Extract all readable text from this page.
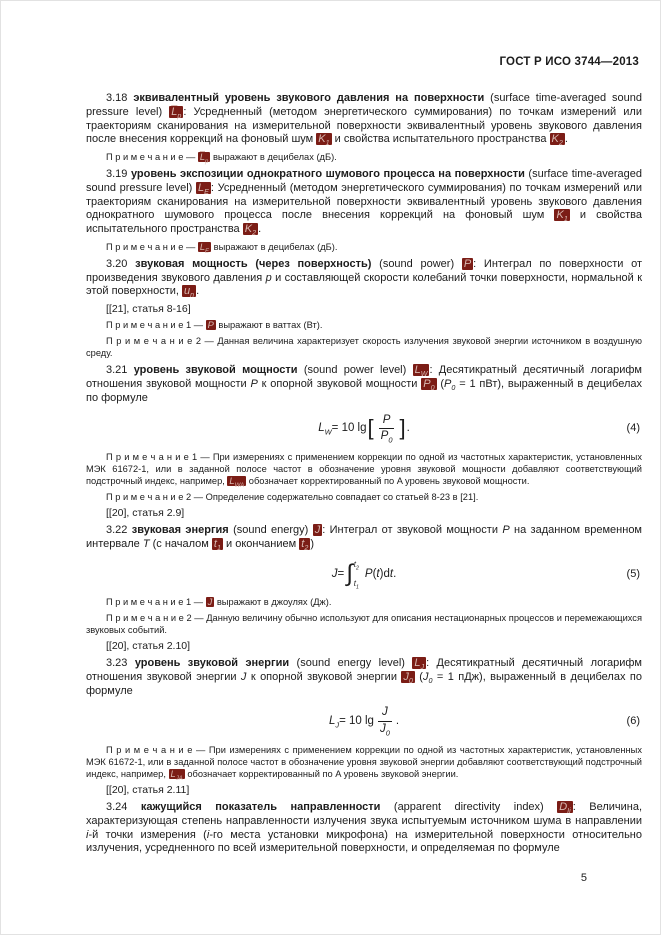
ГОСТ Р ИСО 3744—2013

3.18 эквивалентный уровень звукового давления на поверхности (surface time-averaged sound pressure level) $\overline{L}_p$ : Усредненный (методом энергетического суммирования) по точкам измерений или траекториям сканирования на измерительной поверхности эквивалентный уровень звукового давления после внесения коррекций на фоновый шум $K_1$ и свойства испытательного пространства $K_2$ .

П р и м е ч а н и е — $\overline{L}_p$ выражают в децибелах (дБ).

3.19 уровень экспозиции однократного шумового процесса на поверхности (surface time-averaged sound pressure level) $L_E$ : Усредненный (методом энергетического суммирования) по точкам измерений или траекториям сканирования на измерительной поверхности эквивалентный уровень звукового давления однократного шумового процесса после внесения коррекций на фоновый шум $K_1$ и свойства испытательного пространства $K_2$ .

П р и м е ч а н и е — $L_E$ выражают в децибелах (дБ).

3.20 звуковая мощность (через поверхность) (sound power) P : Интеграл по поверхности от произведения звукового давления p и составляющей скорости колебаний точки поверхности, нормальной к этой поверхности, $u_n$ .

[[21], статья 8-16]

П р и м е ч а н и е 1 — P выражают в ваттах (Вт).

П р и м е ч а н и е 2 — Данная величина характеризует скорость излучения звуковой энергии источником в воздушную среду.

3.21 уровень звуковой мощности (sound power level) $L_W$ : Десятикратный десятичный логарифм отношения звуковой мощности P к опорной звуковой мощности $P_0$ ($P_0 = 1$ пВт), выраженный в децибелах по формуле

$L_W = 10$ lg [ $\frac{P}{P_0}$ ] .	(4)

П р и м е ч а н и е 1 — При измерениях с применением коррекции по одной из частотных характеристик, установленных МЭК 61672-1, или в заданной полосе частот в обозначение уровня звуковой мощности добавляют соответствующий подстрочный индекс, например, $L_{WA}$ обозначает корректированный по A уровень звуковой мощности.

П р и м е ч а н и е 2 — Определение содержательно совпадает со статьей 8-23 в [21].

[[20], статья 2.9]

3.22 звуковая энергия (sound energy) J : Интеграл от звуковой мощности P на заданном временном интервале T (с началом $t_1$ и окончанием $t_2$ )

J = ∫ $t_2$
$t_1$
P ( t )d t .	(5)

П р и м е ч а н и е 1 — J выражают в джоулях (Дж).

П р и м е ч а н и е 2 — Данную величину обычно используют для описания нестационарных процессов и перемежающихся звуковых событий.

[[20], статья 2.10]

3.23 уровень звуковой энергии (sound energy level) $L_J$ : Десятикратный десятичный логарифм отношения звуковой энергии J к опорной звуковой энергии $J_0$ ($J_0 = 1$ пДж), выраженный в децибелах по формуле

$L_J = 10$ $\lg \frac{J}{J_0}$ .	(6)

П р и м е ч а н и е — При измерениях с применением коррекции по одной из частотных характеристик, установленных МЭК 61672-1, или в заданной полосе частот в обозначение уровня звуковой энергии добавляют соответствующий подстрочный индекс, например, $L_{JA}$ обозначает корректированный по A уровень звуковой энергии.

[[20], статья 2.11]

3.24 кажущийся показатель направленности (apparent directivity index) $D_{Ii}$ : Величина, характеризующая степень направленности излучения звука испытуемым источником шума в направлении i-й точки измерения (i-го места установки микрофона) на измерительной поверхности относительно излучения, усредненного по всей измерительной поверхности, и определяемая по формуле

5
